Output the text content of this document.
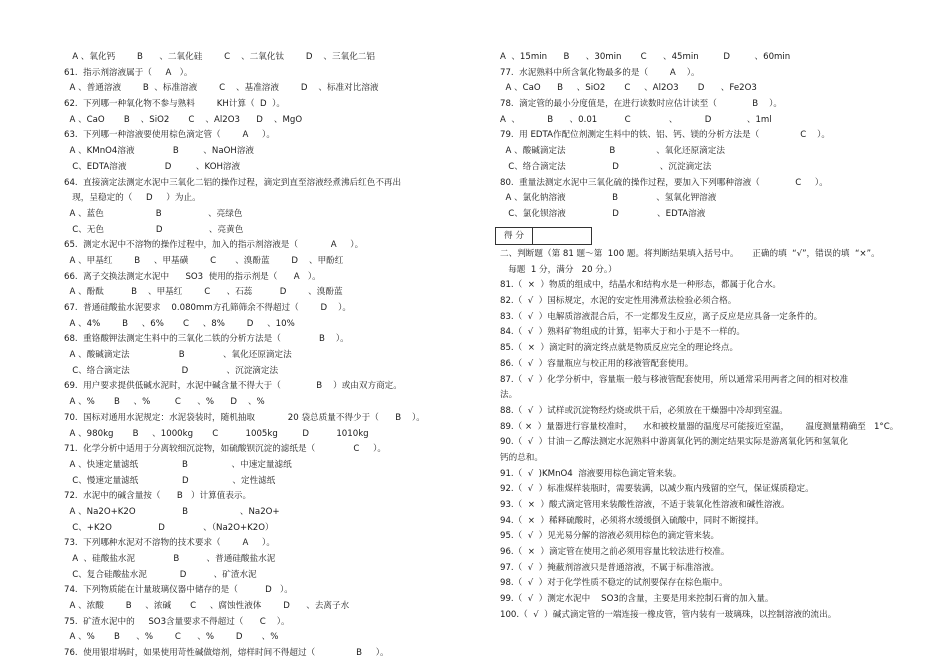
A 、氧化钙        B      、二氧化硅        C    、二氧化钛        D    、三氧化二铝
61.  指示剂溶液属于（     A   ）。
A 、普通溶液        B  、标准溶液        C    、基准溶液        D    、标准对比溶液
62.  下列哪一种氧化物不参与熟料        KH计算（  D  ）。
A 、CaO       B    、SiO2       C    、Al2O3      D    、MgO
63.  下列哪一种溶液要使用棕色滴定管（        A     ）。
A 、KMnO4溶液              B         、NaOH溶液
C、EDTA溶液              D         、KOH溶液
64.  直接滴定法测定水泥中三氧化二铝的操作过程，滴定到直至溶液经煮沸后红色不再出
现，呈稳定的（     D     ）为止。
A 、蓝色                   B                 、亮绿色
C、无色                   D                 、亮黄色
65.  测定水泥中不溶物的操作过程中，加入的指示剂溶液是（            A     ）。
A 、甲基红        B     、甲基磺        C       、溴酚蓝        D    、甲酚红
66.  离子交换法测定水泥中      SO3  使用的指示剂是（      A   ）。
A 、酚酞          B    、甲基红        C      、石蕊          D        、溴酚蓝
67.  普通硅酸盐水泥要求    0.080mm方孔筛筛余不得超过（        D    ）。
A 、4%        B     、6%       C     、8%        D     、10%
68.  重铬酸钾法测定生料中的三氧化二铁的分析方法是（              B    ）。
A 、酸碱滴定法                  B              、氧化还原滴定法
C、络合滴定法                   D              、沉淀滴定法
69.  用户要求提供低碱水泥时，水泥中碱含量不得大于（             B    ）或由双方商定。
A 、%       B     、%         C      、%      D    、%
70.  国标对通用水泥规定：水泥袋装时，随机抽取            20 袋总质量不得少于（      B    ）。
A 、980kg       B     、1000kg       C          1005kg         D          1010kg
71.  化学分析中适用于分离较细沉淀物，如硫酸钡沉淀的滤纸是（              C     ）。
A 、快速定量滤纸                B                、中速定量滤纸
C、慢速定量滤纸                D                、定性滤纸
72.  水泥中的碱含量按（      B   ）计算值表示。
A 、Na2O+K2O                 B                   、Na2O+
C、+K2O                 D              、（Na2O+K2O）
73.  下列哪种水泥对不溶物的技术要求（        A     ）。
A  、硅酸盐水泥              B          、普通硅酸盐水泥
C、复合硅酸盐水泥            D          、矿渣水泥
74.  下列物质能在计量玻璃仪器中储存的是（          D   ）。
A 、浓酸        B     、浓碱       C     、腐蚀性液体        D      、去离子水
75.  矿渣水泥中的     SO3含量要求不得超过（      C    ）。
A 、%       B      、%        C      、%        D       、%
76.  使用银坩埚时，如果使用苛性碱做熔剂，熔样时间不得超过（               B     ）。
A  、15min      B      、30min       C      、45min         D         、60min
77.  水泥熟料中所含氧化物最多的是（        A    ）。
A 、CaO      B     、SiO2       C     、Al2O3       D      、Fe2O3
78.  滴定管的最小分度值是，在进行读数时应估计读至（             B    ）。
A  、          B      、0.01          C              、          D             、1ml
79.  用 EDTA作配位剂测定生料中的铁、铝、钙、镁的分析方法是（               C    ）。
A 、酸碱滴定法                B               、氧化还原滴定法
C、络合滴定法                 D               、沉淀滴定法
80.  重量法测定水泥中三氧化硫的操作过程，要加入下列哪种溶液（             C     ）。
A 、氯化钠溶液                 B              、氢氧化钾溶液
C、氯化钡溶液                 D              、EDTA溶液
得 分
二、判断题（第 81 题～第  100 题。将判断结果填入括号中。     正确的填  “√”，错误的填  “×”。
每题  1 分，满分   20 分。）
81.（  ×  ）物质的组成中，结晶水和结构水是一种形态，都属于化合水。
82.（  √  ）国标规定，水泥的安定性用沸煮法检验必须合格。
83.（  √  ）电解质溶液混合后，不一定都发生反应，离子反应是应具备一定条件的。
84.（  √  ）熟料矿物组成的计算，铝率大于和小于是不一样的。
85.（  ×  ）滴定时的滴定终点就是物质反应完全的理论终点。
86.（  √  ）容量瓶应与校正用的移液管配套使用。
87.（  √  ）化学分析中，容量瓶一般与移液管配套使用，所以通常采用两者之间的相对校准
法。
88.（  √  ）试样或沉淀物经灼烧或烘干后，必须放在干燥器中冷却到室温。
89.（ ×  ）量器进行容量校准时，    水和被校量器的温度尽可能接近室温，      温度测量精确至   1°C。
90.（  √  ）甘油－乙醇法测定水泥熟料中游离氧化钙的测定结果实际是游离氧化钙和氢氧化
钙的总和。
91.（  √  )KMnO4  溶液要用棕色滴定管来装。
92.（  √  ）标准煤样装瓶时，需要装满，以减少瓶内残留的空气，保证煤质稳定。
93.（  ×  ）酸式滴定管用来装酸性溶液，不适于装氧化性溶液和碱性溶液。
94.（  ×  ）稀释硫酸时，必须将水缓缓倒入硫酸中，同时不断搅拌。
95.（  √  ）见光易分解的溶液必须用棕色的滴定管来装。
96.（  ×  ）滴定管在使用之前必须用容量比较法进行校准。
97.（  √  ）掩蔽剂溶液只是普通溶液，不属于标准溶液。
98.（  √  ）对于化学性质不稳定的试剂要保存在棕色瓶中。
99.（  √  ）测定水泥中    SO3的含量，主要是用来控制石膏的加入量。
100.（  √  ）碱式滴定管的一端连接一橡皮管，管内装有一玻璃珠，以控制溶液的流出。
